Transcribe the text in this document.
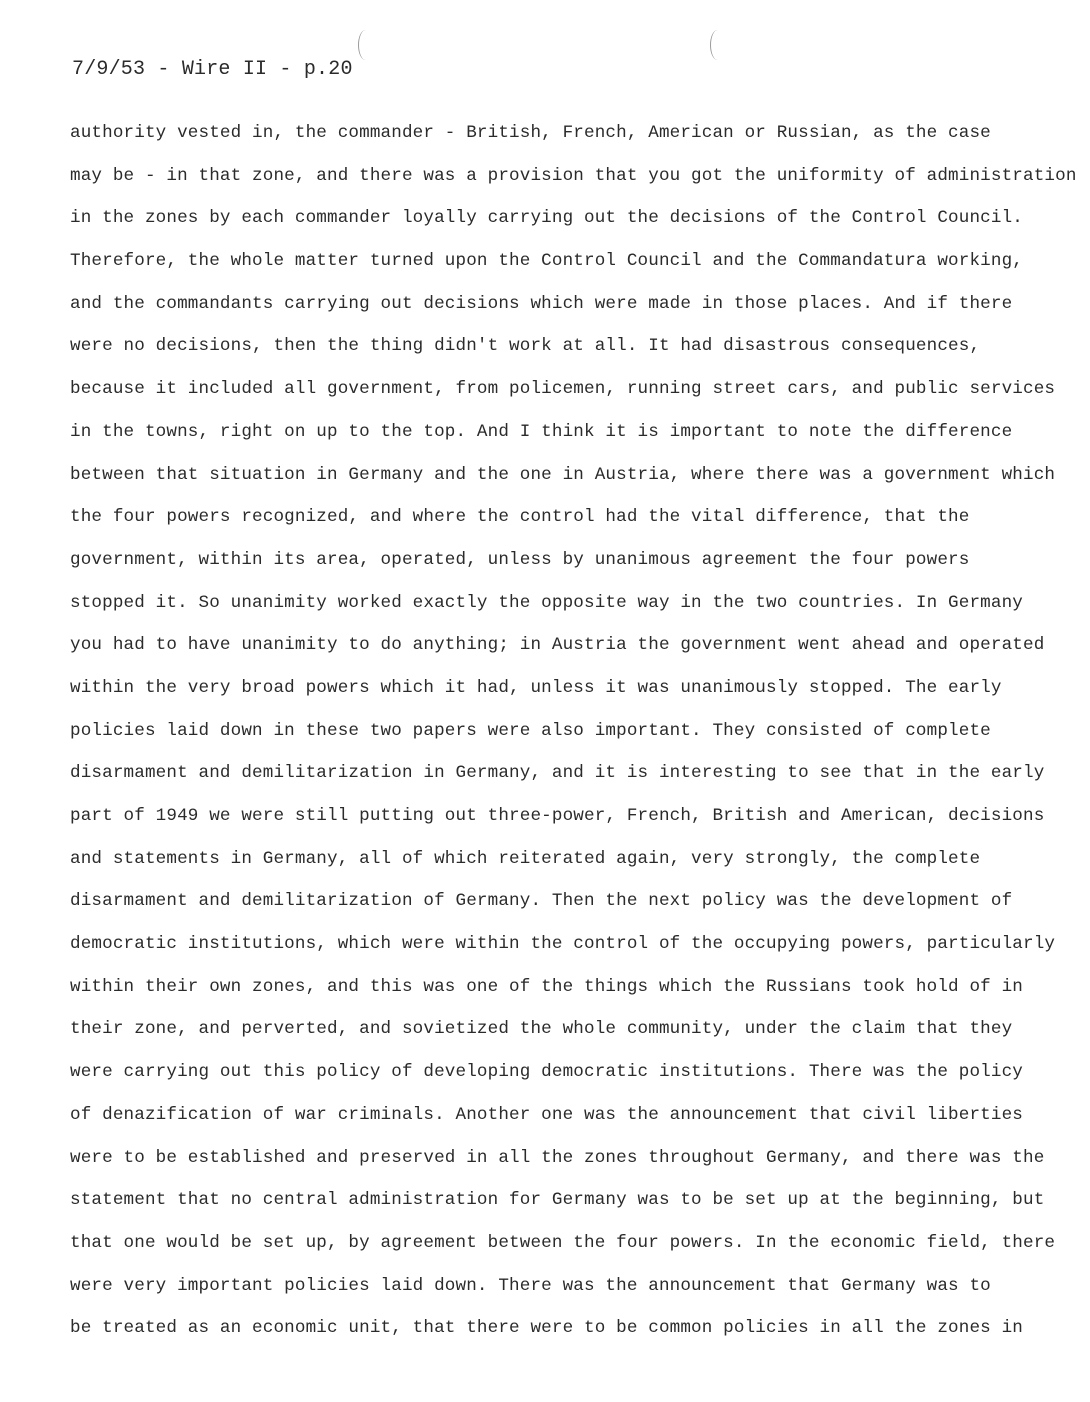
7/9/53 - Wire II - p.20
authority vested in, the commander - British, French, American or Russian, as the case
may be - in that zone, and there was a provision that you got the uniformity of administration
in the zones by each commander loyally carrying out the decisions of the Control Council.
Therefore, the whole matter turned upon the Control Council and the Commandatura working,
and the commandants carrying out decisions which were made in those places. And if there
were no decisions, then the thing didn't work at all. It had disastrous consequences,
because it included all government, from policemen, running street cars, and public services
in the towns, right on up to the top. And I think it is important to note the difference
between that situation in Germany and the one in Austria, where there was a government which
the four powers recognized, and where the control had the vital difference, that the
government, within its area, operated, unless by unanimous agreement the four powers
stopped it. So unanimity worked exactly the opposite way in the two countries. In Germany
you had to have unanimity to do anything; in Austria the government went ahead and operated
within the very broad powers which it had, unless it was unanimously stopped. The early
policies laid down in these two papers were also important. They consisted of complete
disarmament and demilitarization in Germany, and it is interesting to see that in the early
part of 1949 we were still putting out three-power, French, British and American, decisions
and statements in Germany, all of which reiterated again, very strongly, the complete
disarmament and demilitarization of Germany. Then the next policy was the development of
democratic institutions, which were within the control of the occupying powers, particularly
within their own zones, and this was one of the things which the Russians took hold of in
their zone, and perverted, and sovietized the whole community, under the claim that they
were carrying out this policy of developing democratic institutions. There was the policy
of denazification of war criminals. Another one was the announcement that civil liberties
were to be established and preserved in all the zones throughout Germany, and there was the
statement that no central administration for Germany was to be set up at the beginning, but
that one would be set up, by agreement between the four powers. In the economic field, there
were very important policies laid down. There was the announcement that Germany was to
be treated as an economic unit, that there were to be common policies in all the zones in
